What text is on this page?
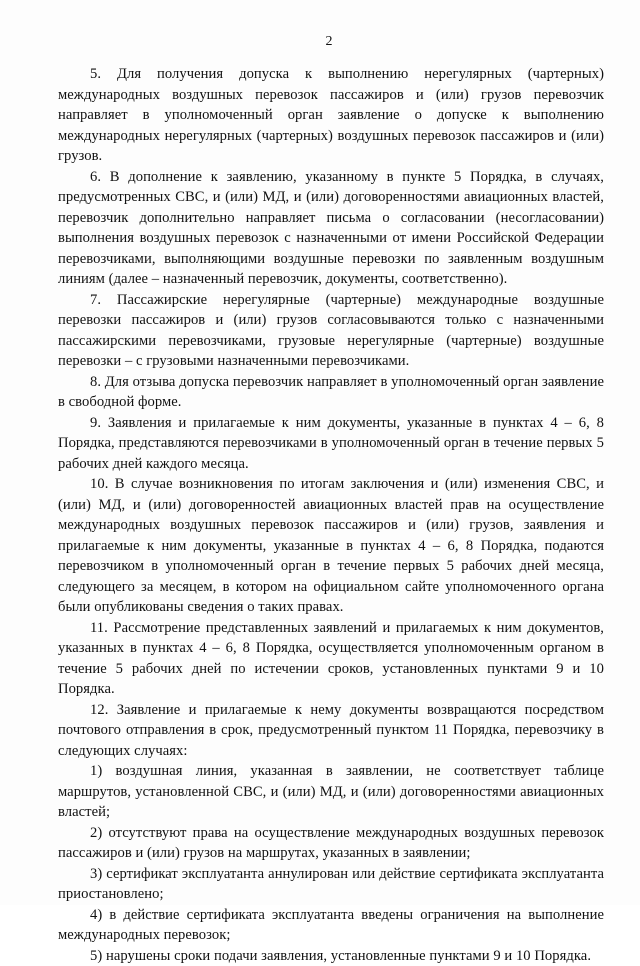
2

5. Для получения допуска к выполнению нерегулярных (чартерных) международных воздушных перевозок пассажиров и (или) грузов перевозчик направляет в уполномоченный орган заявление о допуске к выполнению международных нерегулярных (чартерных) воздушных перевозок пассажиров и (или) грузов.

6. В дополнение к заявлению, указанному в пункте 5 Порядка, в случаях, предусмотренных СВС, и (или) МД, и (или) договоренностями авиационных властей, перевозчик дополнительно направляет письма о согласовании (несогласовании) выполнения воздушных перевозок с назначенными от имени Российской Федерации перевозчиками, выполняющими воздушные перевозки по заявленным воздушным линиям (далее – назначенный перевозчик, документы, соответственно).

7. Пассажирские нерегулярные (чартерные) международные воздушные перевозки пассажиров и (или) грузов согласовываются только с назначенными пассажирскими перевозчиками, грузовые нерегулярные (чартерные) воздушные перевозки – с грузовыми назначенными перевозчиками.

8. Для отзыва допуска перевозчик направляет в уполномоченный орган заявление в свободной форме.

9. Заявления и прилагаемые к ним документы, указанные в пунктах 4 – 6, 8 Порядка, представляются перевозчиками в уполномоченный орган в течение первых 5 рабочих дней каждого месяца.

10. В случае возникновения по итогам заключения и (или) изменения СВС, и (или) МД, и (или) договоренностей авиационных властей прав на осуществление международных воздушных перевозок пассажиров и (или) грузов, заявления и прилагаемые к ним документы, указанные в пунктах 4 – 6, 8 Порядка, подаются перевозчиком в уполномоченный орган в течение первых 5 рабочих дней месяца, следующего за месяцем, в котором на официальном сайте уполномоченного органа были опубликованы сведения о таких правах.

11. Рассмотрение представленных заявлений и прилагаемых к ним документов, указанных в пунктах 4 – 6, 8 Порядка, осуществляется уполномоченным органом в течение 5 рабочих дней по истечении сроков, установленных пунктами 9 и 10 Порядка.

12. Заявление и прилагаемые к нему документы возвращаются посредством почтового отправления в срок, предусмотренный пунктом 11 Порядка, перевозчику в следующих случаях:

1) воздушная линия, указанная в заявлении, не соответствует таблице маршрутов, установленной СВС, и (или) МД, и (или) договоренностями авиационных властей;

2) отсутствуют права на осуществление международных воздушных перевозок пассажиров и (или) грузов на маршрутах, указанных в заявлении;

3) сертификат эксплуатанта аннулирован или действие сертификата эксплуатанта приостановлено;

4) в действие сертификата эксплуатанта введены ограничения на выполнение международных перевозок;

5) нарушены сроки подачи заявления, установленные пунктами 9 и 10 Порядка.
